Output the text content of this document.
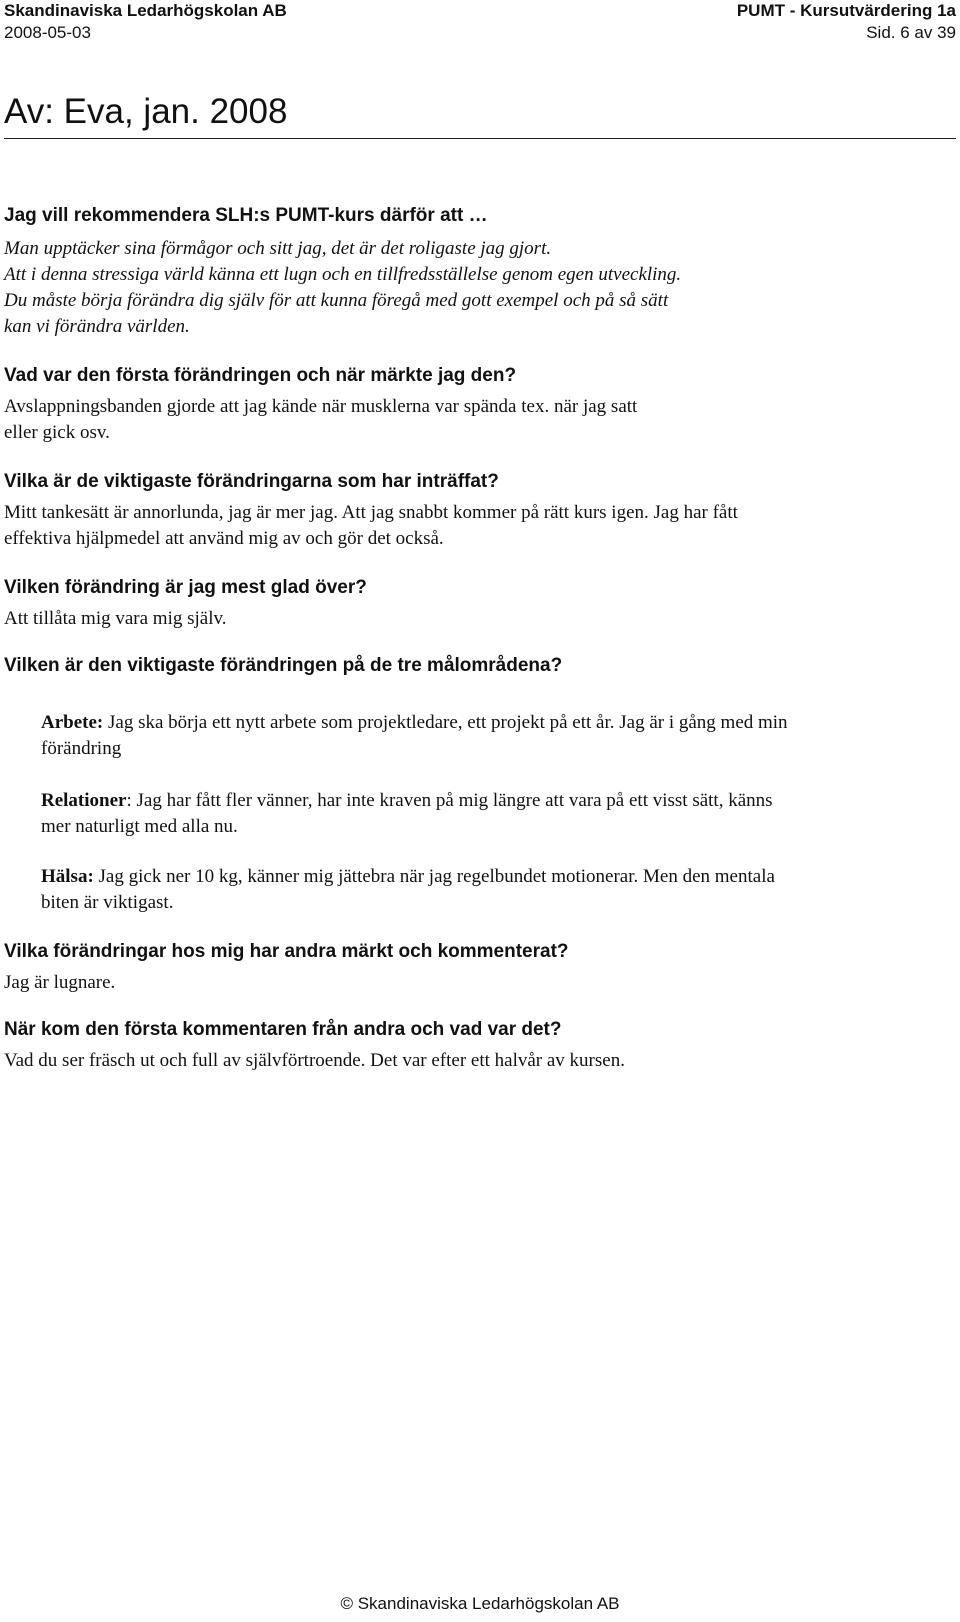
Skandinaviska Ledarhögskolan AB	PUMT - Kursutvärdering 1a
2008-05-03	Sid. 6 av 39
Av: Eva, jan. 2008

Jag vill rekommendera SLH:s PUMT-kurs därför att …

Man upptäcker sina förmågor och sitt jag, det är det roligaste jag gjort.

Att i denna stressiga värld känna ett lugn och en tillfredsställelse genom egen utveckling.

Du måste börja förändra dig själv för att kunna föregå med gott exempel och på så sätt

kan vi förändra världen.

Vad var den första förändringen och när märkte jag den?

Avslappningsbanden gjorde att jag kände när musklerna var spända tex. när jag satt

eller gick osv.

Vilka är de viktigaste förändringarna som har inträffat?

Mitt tankesätt är annorlunda, jag är mer jag. Att jag snabbt kommer på rätt kurs igen. Jag har fått

effektiva hjälpmedel att använd mig av och gör det också.

Vilken förändring är jag mest glad över?

Att tillåta mig vara mig själv.

Vilken är den viktigaste förändringen på de tre målområdena?

Arbete: Jag ska börja ett nytt arbete som projektledare, ett projekt på ett år. Jag är i gång med min

förändring

Relationer: Jag har fått fler vänner, har inte kraven på mig längre att vara på ett visst sätt, känns

mer naturligt med alla nu.

Hälsa: Jag gick ner 10 kg, känner mig jättebra när jag regelbundet motionerar. Men den mentala

biten är viktigast.

Vilka förändringar hos mig har andra märkt och kommenterat?

Jag är lugnare.

När kom den första kommentaren från andra och vad var det?

Vad du ser fräsch ut och full av självförtroende. Det var efter ett halvår av kursen.

© Skandinaviska Ledarhögskolan AB
